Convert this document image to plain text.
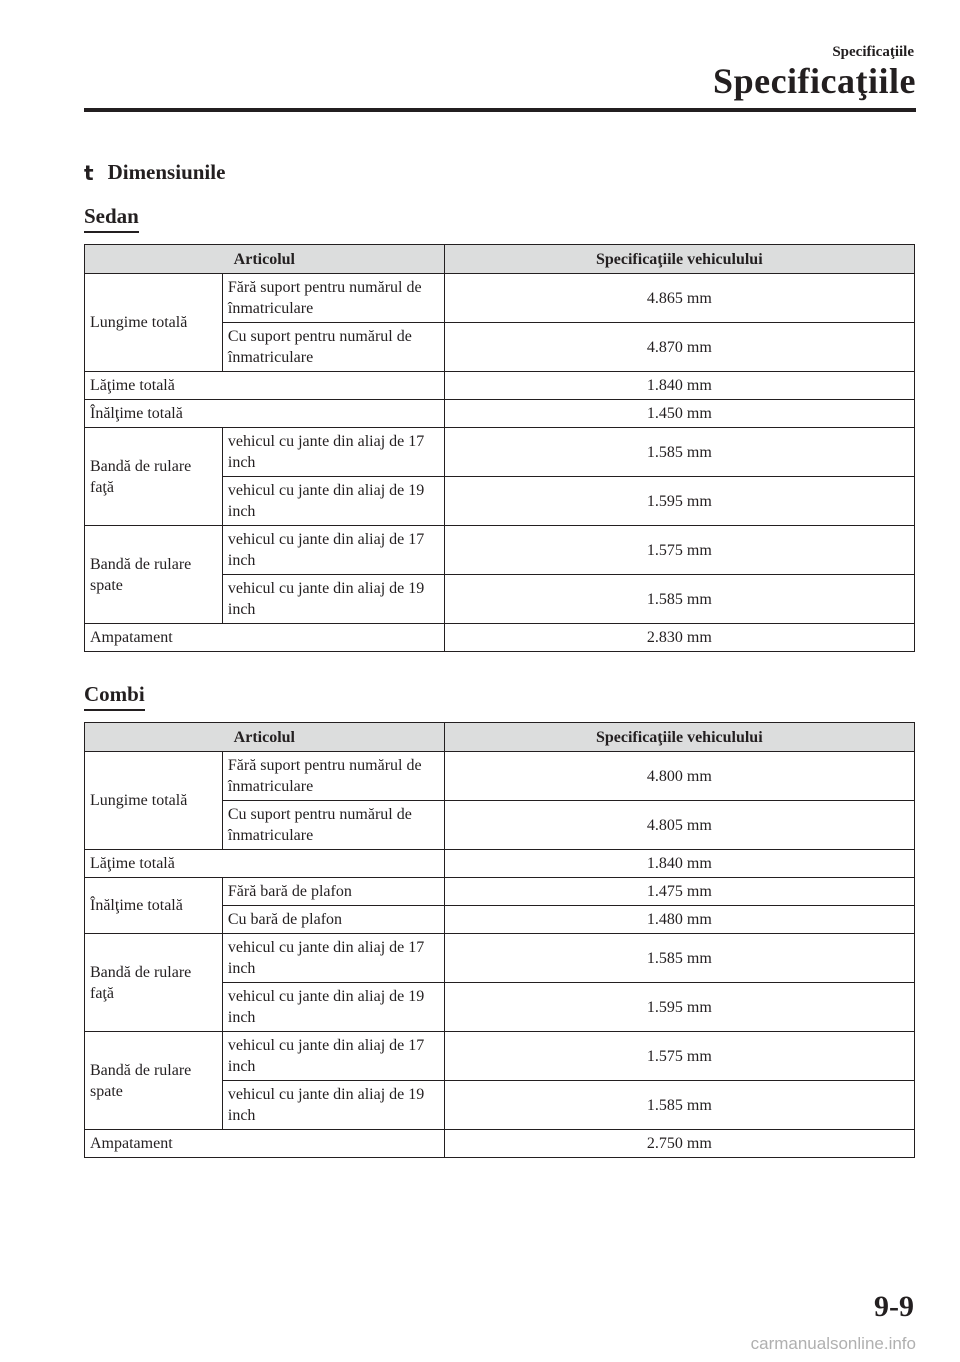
Specificaţiile
Specificaţiile
t Dimensiunile
Sedan
Articolul		Specificaţiile vehiculului
Lungime totală	Fără suport pentru numărul de înmatriculare	4.865 mm
	Cu suport pentru numărul de înmatriculare	4.870 mm
Lăţime totală		1.840 mm
Înălţime totală		1.450 mm
Bandă de rulare faţă	vehicul cu jante din aliaj de 17 inch	1.585 mm
	vehicul cu jante din aliaj de 19 inch	1.595 mm
Bandă de rulare spate	vehicul cu jante din aliaj de 17 inch	1.575 mm
	vehicul cu jante din aliaj de 19 inch	1.585 mm
Ampatament		2.830 mm
Combi
Articolul		Specificaţiile vehiculului
Lungime totală	Fără suport pentru numărul de înmatriculare	4.800 mm
	Cu suport pentru numărul de înmatriculare	4.805 mm
Lăţime totală		1.840 mm
Înălţime totală	Fără bară de plafon	1.475 mm
	Cu bară de plafon	1.480 mm
Bandă de rulare faţă	vehicul cu jante din aliaj de 17 inch	1.585 mm
	vehicul cu jante din aliaj de 19 inch	1.595 mm
Bandă de rulare spate	vehicul cu jante din aliaj de 17 inch	1.575 mm
	vehicul cu jante din aliaj de 19 inch	1.585 mm
Ampatament		2.750 mm
9-9
carmanualsonline.info
